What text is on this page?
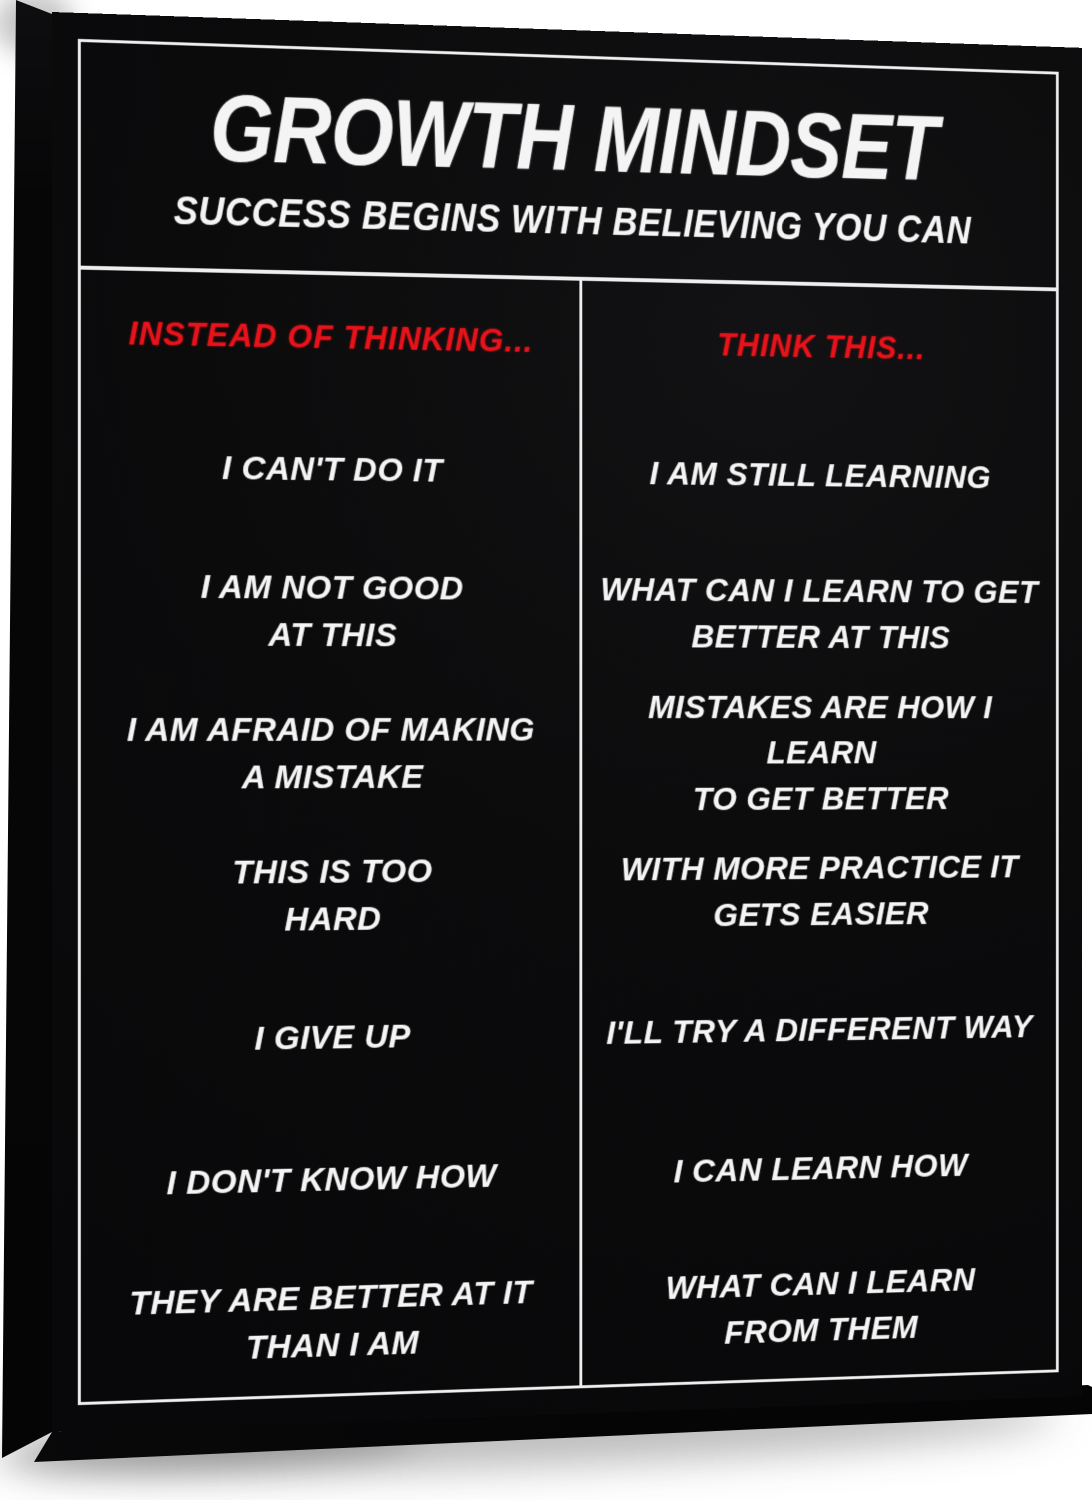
GROWTH MINDSET
SUCCESS BEGINS WITH BELIEVING YOU CAN
INSTEAD OF THINKING...
I CAN'T DO IT
I AM NOT GOOD
AT THIS
I AM AFRAID OF MAKING
A MISTAKE
THIS IS TOO
HARD
I GIVE UP
I DON'T KNOW HOW
THEY ARE BETTER AT IT
THAN I AM
THINK THIS...
I AM STILL LEARNING
WHAT CAN I LEARN TO GET
BETTER AT THIS
MISTAKES ARE HOW I LEARN
TO GET BETTER
WITH MORE PRACTICE IT
GETS EASIER
I'LL TRY A DIFFERENT WAY
I CAN LEARN HOW
WHAT CAN I LEARN
FROM THEM
